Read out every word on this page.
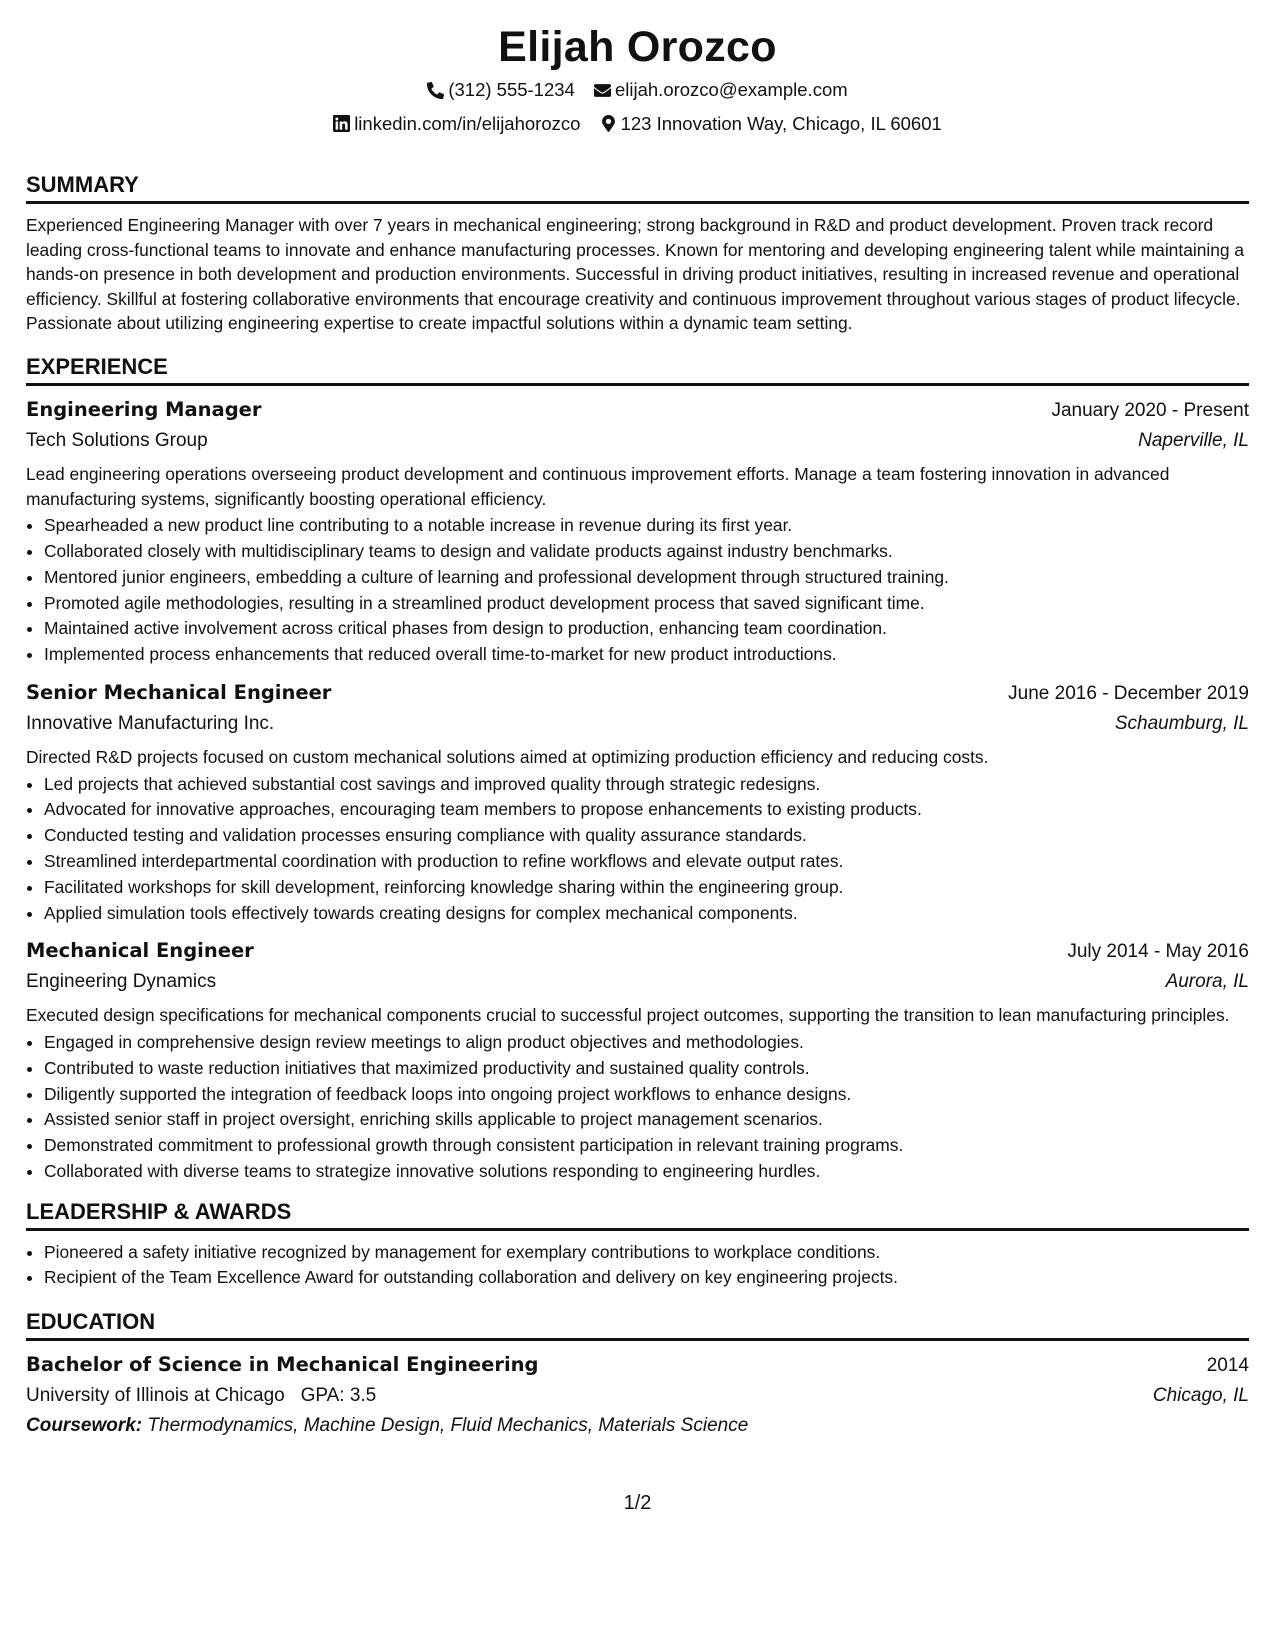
Elijah Orozco
(312) 555-1234
elijah.orozco@example.com
linkedin.com/in/elijahorozco
123 Innovation Way, Chicago, IL 60601
SUMMARY
Experienced Engineering Manager with over 7 years in mechanical engineering; strong background in R&D and product development. Proven track record leading cross-functional teams to innovate and enhance manufacturing processes. Known for mentoring and developing engineering talent while maintaining a hands-on presence in both development and production environments. Successful in driving product initiatives, resulting in increased revenue and operational efficiency. Skillful at fostering collaborative environments that encourage creativity and continuous improvement throughout various stages of product lifecycle. Passionate about utilizing engineering expertise to create impactful solutions within a dynamic team setting.
EXPERIENCE
Engineering Manager	January 2020 - Present
Tech Solutions Group	Naperville, IL
Lead engineering operations overseeing product development and continuous improvement efforts. Manage a team fostering innovation in advanced manufacturing systems, significantly boosting operational efficiency.
• Spearheaded a new product line contributing to a notable increase in revenue during its first year.
• Collaborated closely with multidisciplinary teams to design and validate products against industry benchmarks.
• Mentored junior engineers, embedding a culture of learning and professional development through structured training.
• Promoted agile methodologies, resulting in a streamlined product development process that saved significant time.
• Maintained active involvement across critical phases from design to production, enhancing team coordination.
• Implemented process enhancements that reduced overall time-to-market for new product introductions.
Senior Mechanical Engineer	June 2016 - December 2019
Innovative Manufacturing Inc.	Schaumburg, IL
Directed R&D projects focused on custom mechanical solutions aimed at optimizing production efficiency and reducing costs.
• Led projects that achieved substantial cost savings and improved quality through strategic redesigns.
• Advocated for innovative approaches, encouraging team members to propose enhancements to existing products.
• Conducted testing and validation processes ensuring compliance with quality assurance standards.
• Streamlined interdepartmental coordination with production to refine workflows and elevate output rates.
• Facilitated workshops for skill development, reinforcing knowledge sharing within the engineering group.
• Applied simulation tools effectively towards creating designs for complex mechanical components.
Mechanical Engineer	July 2014 - May 2016
Engineering Dynamics	Aurora, IL
Executed design specifications for mechanical components crucial to successful project outcomes, supporting the transition to lean manufacturing principles.
• Engaged in comprehensive design review meetings to align product objectives and methodologies.
• Contributed to waste reduction initiatives that maximized productivity and sustained quality controls.
• Diligently supported the integration of feedback loops into ongoing project workflows to enhance designs.
• Assisted senior staff in project oversight, enriching skills applicable to project management scenarios.
• Demonstrated commitment to professional growth through consistent participation in relevant training programs.
• Collaborated with diverse teams to strategize innovative solutions responding to engineering hurdles.
LEADERSHIP & AWARDS
• Pioneered a safety initiative recognized by management for exemplary contributions to workplace conditions.
• Recipient of the Team Excellence Award for outstanding collaboration and delivery on key engineering projects.
EDUCATION
Bachelor of Science in Mechanical Engineering	2014
University of Illinois at Chicago GPA: 3.5	Chicago, IL
Coursework: Thermodynamics, Machine Design, Fluid Mechanics, Materials Science
1/2
